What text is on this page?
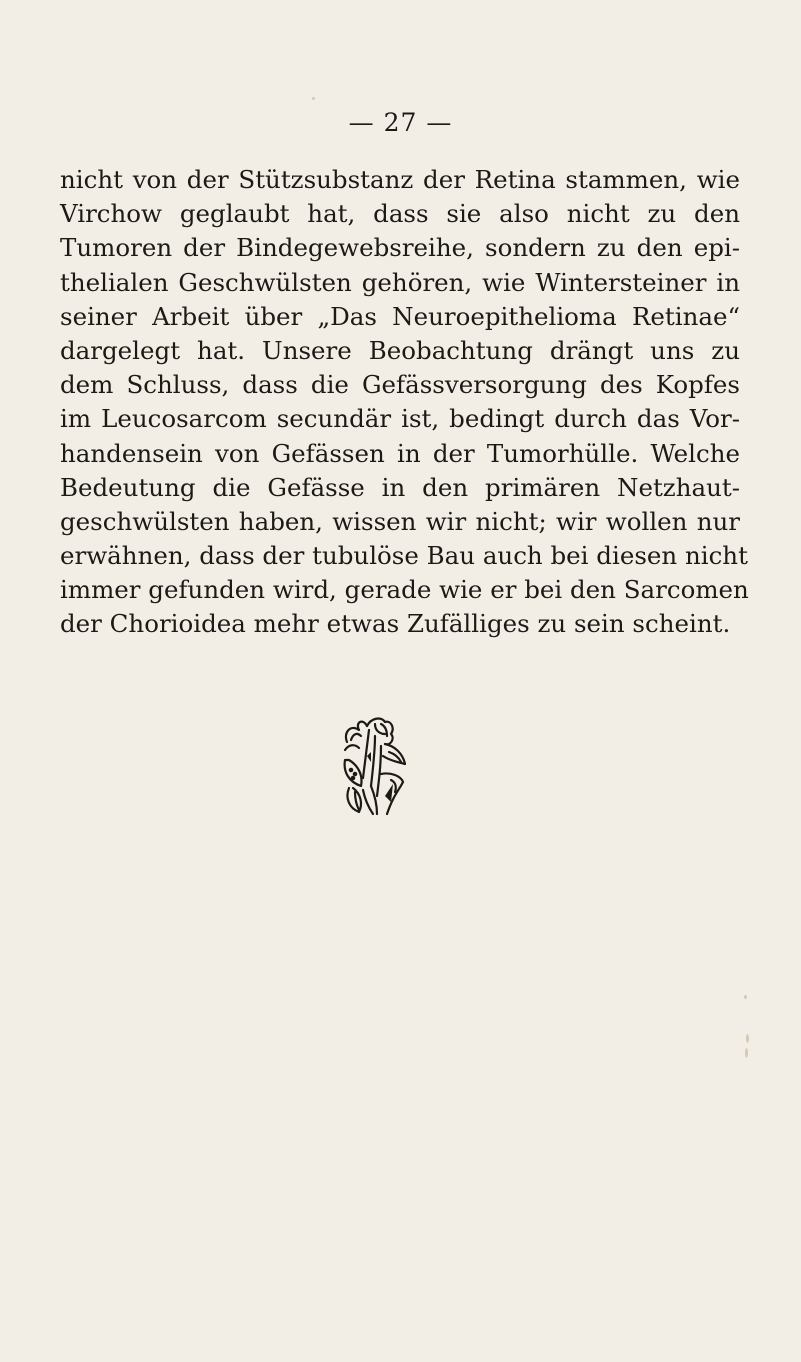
— 27 —
nicht von der Stützsubstanz der Retina stammen, wie
Virchow geglaubt hat, dass sie also nicht zu den
Tumoren der Bindegewebsreihe, sondern zu den epi-
thelialen Geschwülsten gehören, wie Wintersteiner in
seiner Arbeit über „Das Neuroepithelioma Retinae“
dargelegt hat. Unsere Beobachtung drängt uns zu
dem Schluss, dass die Gefässversorgung des Kopfes
im Leucosarcom secundär ist, bedingt durch das Vor-
handensein von Gefässen in der Tumorhülle. Welche
Bedeutung die Gefässe in den primären Netzhaut-
geschwülsten haben, wissen wir nicht; wir wollen nur
erwähnen, dass der tubulöse Bau auch bei diesen nicht
immer gefunden wird, gerade wie er bei den Sarcomen
der Chorioidea mehr etwas Zufälliges zu sein scheint.
